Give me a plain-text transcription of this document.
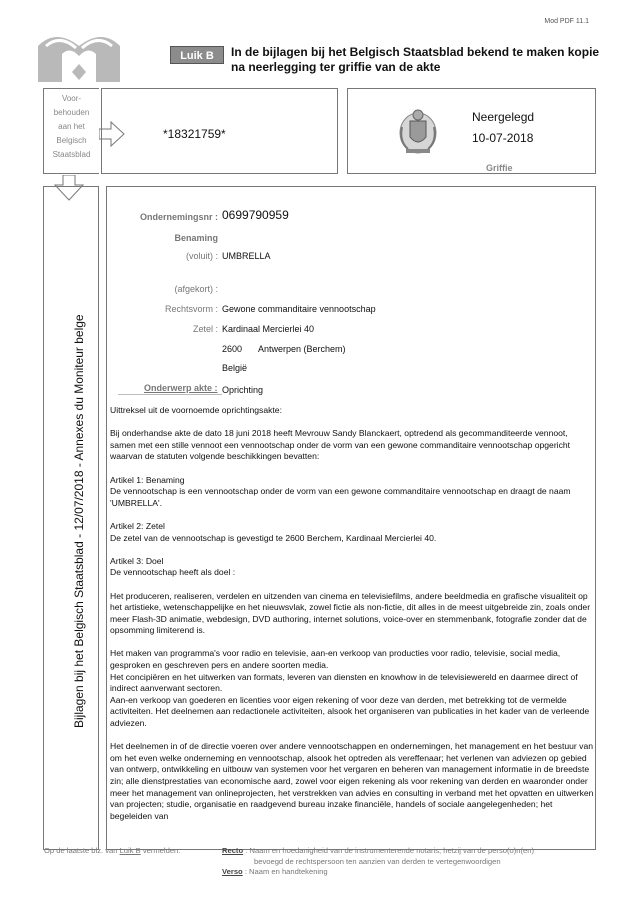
Mod PDF 11.1
Luik B	In de bijlagen bij het Belgisch Staatsblad bekend te maken kopie na neerlegging ter griffie van de akte
Voor-
behouden
aan het
Belgisch
Staatsblad
*18321759*
Neergelegd
10-07-2018
Griffie
Bijlagen bij het Belgisch Staatsblad - 12/07/2018 - Annexes du Moniteur belge
Ondernemingsnr : 0699790959
Benaming
(voluit) : UMBRELLA
(afgekort) :
Rechtsvorm : Gewone commanditaire vennootschap
Zetel : Kardinaal Mercierlei 40
2600 Antwerpen (Berchem)
België
Onderwerp akte : Oprichting

Uittreksel uit de voornoemde oprichtingsakte:

Bij onderhandse akte de dato 18 juni 2018 heeft Mevrouw Sandy Blanckaert, optredend als gecommanditeerde vennoot, samen met een stille vennoot een vennootschap onder de vorm van een gewone commanditaire vennootschap opgericht waarvan de statuten volgende beschikkingen bevatten:

Artikel 1: Benaming
De vennootschap is een vennootschap onder de vorm van een gewone commanditaire vennootschap en draagt de naam 'UMBRELLA'.

Artikel 2: Zetel
De zetel van de vennootschap is gevestigd te 2600 Berchem, Kardinaal Mercierlei 40.

Artikel 3: Doel
De vennootschap heeft als doel :

Het produceren, realiseren, verdelen en uitzenden van cinema en televisiefilms, andere beeldmedia en grafische visualiteit op het artistieke, wetenschappelijke en het nieuwsvlak, zowel fictie als non-fictie, dit alles in de meest uitgebreide zin, zoals onder meer Flash-3D animatie, webdesign, DVD authoring, internet solutions, voice-over en stemmenbank, fotografie zonder dat de opsomming limiterend is.

Het maken van programma's voor radio en televisie, aan-en verkoop van producties voor radio, televisie, social media, gesproken en geschreven pers en andere soorten media.
Het concipiëren en het uitwerken van formats, leveren van diensten en knowhow in de televisiewereld en daarmee direct of indirect aanverwant sectoren.
Aan-en verkoop van goederen en licenties voor eigen rekening of voor deze van derden, met betrekking tot de vermelde activiteiten. Het deelnemen aan redactionele activiteiten, alsook het organiseren van publicaties in het kader van de verleende adviezen.

Het deelnemen in of de directie voeren over andere vennootschappen en ondernemingen, het management en het bestuur van om het even welke onderneming en vennootschap, alsook het optreden als vereffenaar; het verlenen van adviezen op gebied van ontwerp, ontwikkeling en uitbouw van systemen voor het vergaren en beheren van management informatie in de breedste zin; alle dienstprestaties van economische aard, zowel voor eigen rekening als voor rekening van derden en waaronder onder meer het management van onlineprojecten, het verstrekken van advies en consulting in verband met het opvatten en uitwerken van projecten; studie, organisatie en raadgevend bureau inzake financiële, handels of sociale aangelegenheden; het begeleiden van

Op de laatste blz. van Luik B vermelden:	Recto : Naam en hoedanigheid van de instrumenterende notaris, hetzij van de perso(o)n(en)
bevoegd de rechtspersoon ten aanzien van derden te vertegenwoordigen
Verso : Naam en handtekening
